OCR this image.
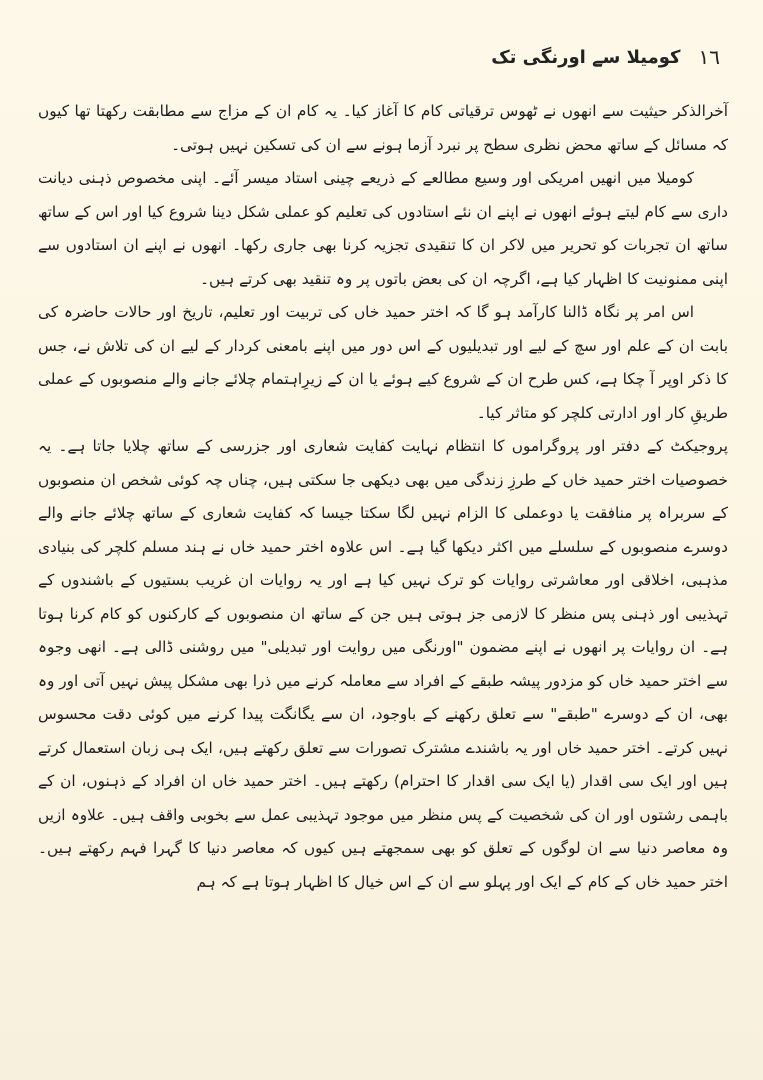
١٦
کومیلا سے اورنگی تک

آخرالذکر حیثیت سے انھوں نے ٹھوس ترقیاتی کام کا آغاز کیا۔ یہ کام ان کے مزاج سے مطابقت رکھتا تھا کیوں کہ مسائل کے ساتھ محض نظری سطح پر نبرد آزما ہونے سے ان کی تسکین نہیں ہوتی۔

کومیلا میں انھیں امریکی اور وسیع مطالعے کے ذریعے چینی استاد میسر آئے۔ اپنی مخصوص ذہنی دیانت داری سے کام لیتے ہوئے انھوں نے اپنے ان نئے استادوں کی تعلیم کو عملی شکل دینا شروع کیا اور اس کے ساتھ ساتھ ان تجربات کو تحریر میں لاکر ان کا تنقیدی تجزیہ کرنا بھی جاری رکھا۔ انھوں نے اپنے ان استادوں سے اپنی ممنونیت کا اظہار کیا ہے، اگرچہ ان کی بعض باتوں پر وہ تنقید بھی کرتے ہیں۔

اس امر پر نگاہ ڈالنا کارآمد ہو گا کہ اختر حمید خاں کی تربیت اور تعلیم، تاریخ اور حالات حاضرہ کی بابت ان کے علم اور سچ کے لیے اور تبدیلیوں کے اس دور میں اپنے بامعنی کردار کے لیے ان کی تلاش نے، جس کا ذکر اوپر آ چکا ہے، کس طرح ان کے شروع کیے ہوئے یا ان کے زیرِاہتمام چلائے جانے والے منصوبوں کے عملی طریقِ کار اور ادارتی کلچر کو متاثر کیا۔

پروجیکٹ کے دفتر اور پروگراموں کا انتظام نہایت کفایت شعاری اور جزرسی کے ساتھ چلایا جاتا ہے۔ یہ خصوصیات اختر حمید خاں کے طرزِ زندگی میں بھی دیکھی جا سکتی ہیں، چناں چہ کوئی شخص ان منصوبوں کے سربراہ پر منافقت یا دوعملی کا الزام نہیں لگا سکتا جیسا کہ کفایت شعاری کے ساتھ چلائے جانے والے دوسرے منصوبوں کے سلسلے میں اکثر دیکھا گیا ہے۔ اس علاوہ اختر حمید خاں نے ہند مسلم کلچر کی بنیادی مذہبی، اخلاقی اور معاشرتی روایات کو ترک نہیں کیا ہے اور یہ روایات ان غریب بستیوں کے باشندوں کے تہذیبی اور ذہنی پس منظر کا لازمی جز ہوتی ہیں جن کے ساتھ ان منصوبوں کے کارکنوں کو کام کرنا ہوتا ہے۔ ان روایات پر انھوں نے اپنے مضمون "اورنگی میں روایت اور تبدیلی" میں روشنی ڈالی ہے۔ انھی وجوہ سے اختر حمید خاں کو مزدور پیشہ طبقے کے افراد سے معاملہ کرنے میں ذرا بھی مشکل پیش نہیں آتی اور وہ بھی، ان کے دوسرے "طبقے" سے تعلق رکھنے کے باوجود، ان سے یگانگت پیدا کرنے میں کوئی دقت محسوس نہیں کرتے۔ اختر حمید خاں اور یہ باشندے مشترک تصورات سے تعلق رکھتے ہیں، ایک ہی زبان استعمال کرتے ہیں اور ایک سی اقدار (یا ایک سی اقدار کا احترام) رکھتے ہیں۔ اختر حمید خاں ان افراد کے ذہنوں، ان کے باہمی رشتوں اور ان کی شخصیت کے پس منظر میں موجود تہذیبی عمل سے بخوبی واقف ہیں۔ علاوہ ازیں وہ معاصر دنیا سے ان لوگوں کے تعلق کو بھی سمجھتے ہیں کیوں کہ معاصر دنیا کا گہرا فہم رکھتے ہیں۔ اختر حمید خاں کے کام کے ایک اور پہلو سے ان کے اس خیال کا اظہار ہوتا ہے کہ ہم
